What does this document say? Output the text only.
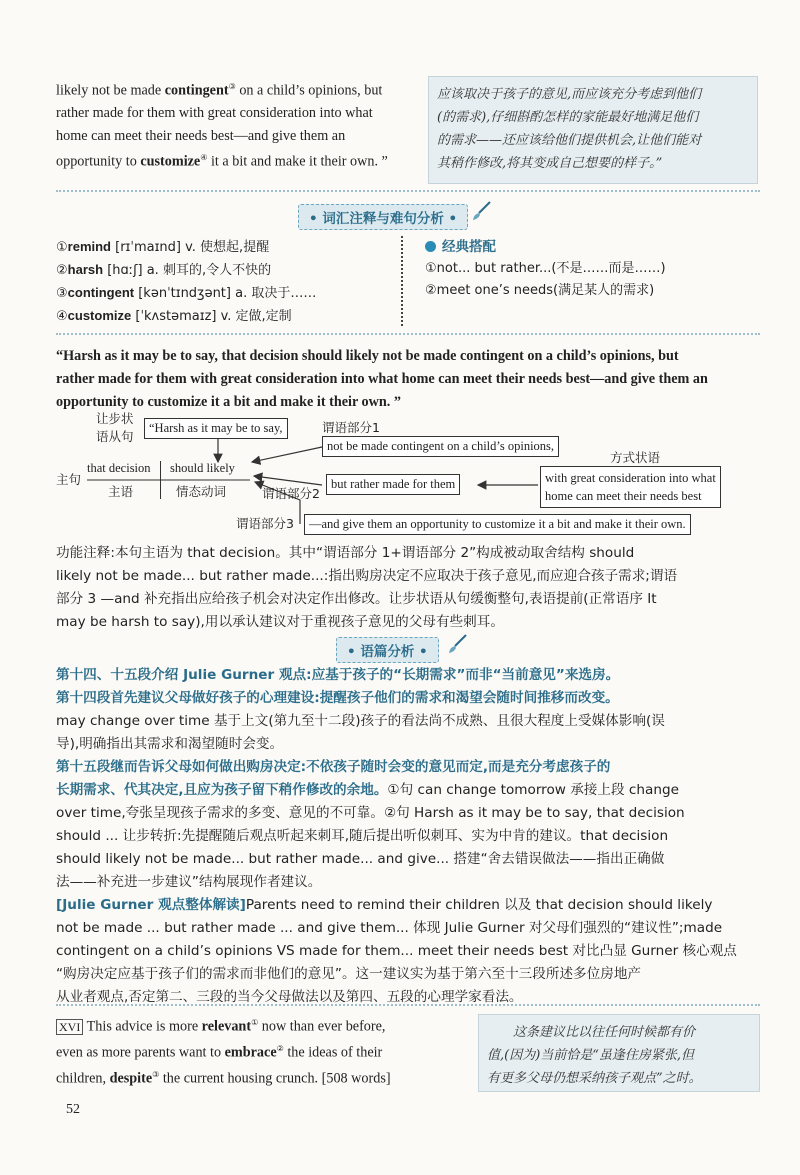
likely not be made contingent③ on a child’s opinions, but
rather made for them with great consideration into what
home can meet their needs best—and give them an
opportunity to customize④ it a bit and make it their own. ”
应该取决于孩子的意见,而应该充分考虑到他们
(的需求),仔细斟酌怎样的家能最好地满足他们
的需求——还应该给他们提供机会,让他们能对
其稍作修改,将其变成自己想要的样子。”
• 词汇注释与难句分析 •
①remind [rɪˈmaɪnd] v. 使想起,提醒
②harsh [hɑːʃ] a. 刺耳的,令人不快的
③contingent [kənˈtɪndʒənt] a. 取决于……
④customize [ˈkʌstəmaɪz] v. 定做,定制
经典搭配
①not... but rather...(不是……而是……)
②meet one’s needs(满足某人的需求)
“Harsh as it may be to say, that decision should likely not be made contingent on a child’s opinions, but
rather made for them with great consideration into what home can meet their needs best—and give them an
opportunity to customize it a bit and make it their own. ”
让步状
语从句
“Harsh as it may be to say,	谓语部分1
not be made contingent on a child’s opinions,
方式状语
主句
that decision should likely
主语	情态动词	谓语部分2
but rather made for them	with great consideration into what
home can meet their needs best
谓语部分3	—and give them an opportunity to customize it a bit and make it their own.
功能注释:本句主语为 that decision。其中“谓语部分 1+谓语部分 2”构成被动取舍结构 should
likely not be made... but rather made...:指出购房决定不应取决于孩子意见,而应迎合孩子需求;谓语
部分 3 —and 补充指出应给孩子机会对决定作出修改。让步状语从句缓衡整句,表语提前(正常语序 It
may be harsh to say),用以承认建议对于重视孩子意见的父母有些刺耳。
• 语篇分析 •
第十四、十五段介绍 Julie Gurner 观点:应基于孩子的“长期需求”而非“当前意见”来选房。
第十四段首先建议父母做好孩子的心理建设:提醒孩子他们的需求和渴望会随时间推移而改变。
may change over time 基于上文(第九至十二段)孩子的看法尚不成熟、且很大程度上受媒体影响(误
导),明确指出其需求和渴望随时会变。
第十五段继而告诉父母如何做出购房决定:不依孩子随时会变的意见而定,而是充分考虑孩子的
长期需求、代其决定,且应为孩子留下稍作修改的余地。①句 can change tomorrow 承接上段 change
over time,夸张呈现孩子需求的多变、意见的不可靠。②句 Harsh as it may be to say, that decision
should ... 让步转折:先提醒随后观点听起来刺耳,随后提出听似刺耳、实为中肯的建议。that decision
should likely not be made... but rather made... and give... 搭建“舍去错误做法——指出正确做
法——补充进一步建议”结构展现作者建议。
[Julie Gurner 观点整体解读]Parents need to remind their children 以及 that decision should likely
not be made ... but rather made ... and give them... 体现 Julie Gurner 对父母们强烈的“建议性”;made
contingent on a child’s opinions VS made for them... meet their needs best 对比凸显 Gurner 核心观点
“购房决定应基于孩子们的需求而非他们的意见”。这一建议实为基于第六至十三段所述多位房地产
从业者观点,否定第二、三段的当今父母做法以及第四、五段的心理学家看法。
XVI This advice is more relevant① now than ever before,
even as more parents want to embrace② the ideas of their
children, despite③ the current housing crunch. [508 words]
这条建议比以往任何时候都有价
值,(因为)当前恰是“虽逢住房紧张,但
有更多父母仍想采纳孩子观点”之时。
52
